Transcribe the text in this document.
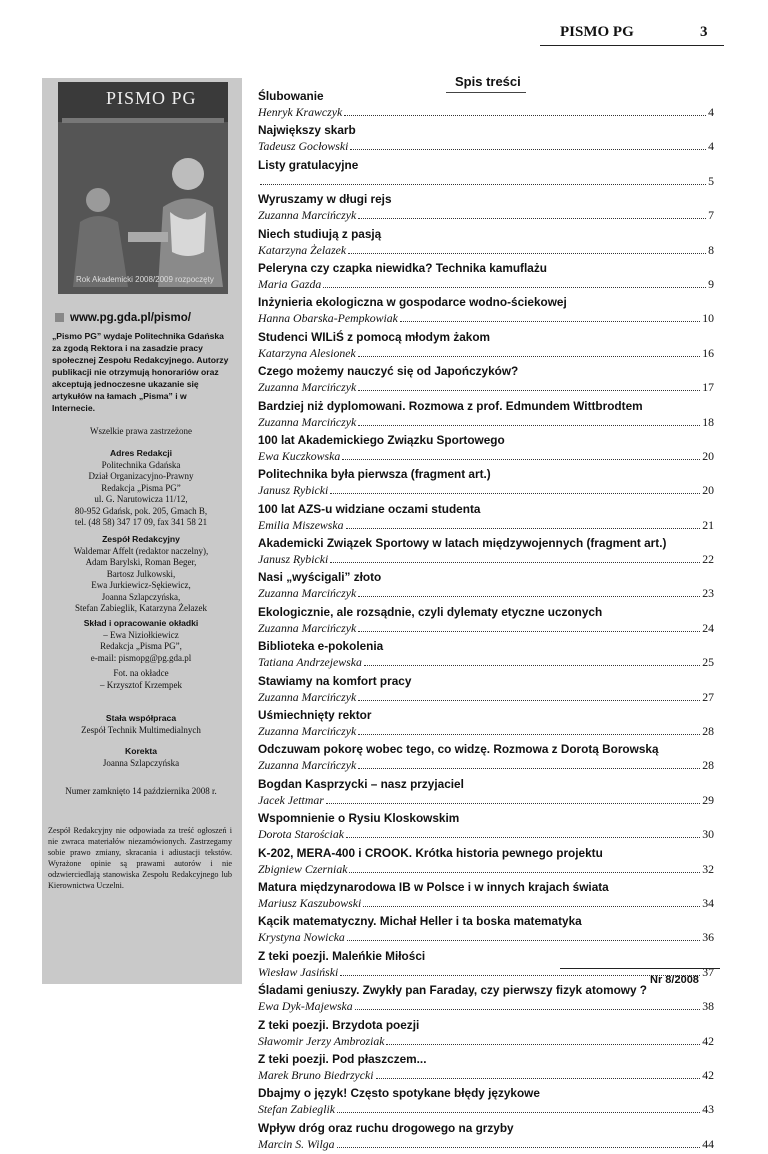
PISMO PG	3
PISMO PG
Rok Akademicki 2008/2009 rozpoczęty
www.pg.gda.pl/pismo/
„Pismo PG” wydaje Politechnika Gdańska za zgodą Rektora i na zasadzie pracy społecznej Zespołu Redakcyjnego. Autorzy publikacji nie otrzymują honorariów oraz akceptują jednoczesne ukazanie się artykułów na łamach „Pisma” i w Internecie.
Wszelkie prawa zastrzeżone
Adres Redakcji
Politechnika Gdańska
Dział Organizacyjno-Prawny
Redakcja „Pisma PG”
ul. G. Narutowicza 11/12,
80-952 Gdańsk, pok. 205, Gmach B,
tel. (48 58) 347 17 09, fax 341 58 21
Zespół Redakcyjny
Waldemar Affelt (redaktor naczelny),
Adam Barylski, Roman Beger,
Bartosz Julkowski,
Ewa Jurkiewicz-Sękiewicz,
Joanna Szlapczyńska,
Stefan Zabieglik, Katarzyna Żelazek
Skład i opracowanie okładki
– Ewa Niziołkiewicz
Redakcja „Pisma PG”,
e-mail: pismopg@pg.gda.pl
Fot. na okładce
– Krzysztof Krzempek
Stała współpraca
Zespół Technik Multimedialnych
Korekta
Joanna Szlapczyńska
Numer zamknięto 14 października 2008 r.
Zespół Redakcyjny nie odpowiada za treść ogłoszeń i nie zwraca materiałów niezamówionych. Zastrzegamy sobie prawo zmiany, skracania i adiustacji tekstów. Wyrażone opinie są prawami autorów i nie odzwierciedlają stanowiska Zespołu Redakcyjnego lub Kierownictwa Uczelni.
Spis treści
Ślubowanie
Henryk Krawczyk	4
Największy skarb
Tadeusz Gocłowski	4
Listy gratulacyjne
5
Wyruszamy w długi rejs
Zuzanna Marcińczyk	7
Niech studiują z pasją
Katarzyna Żelazek	8
Peleryna czy czapka niewidka? Technika kamuflażu
Maria Gazda	9
Inżynieria ekologiczna w gospodarce wodno-ściekowej
Hanna Obarska-Pempkowiak	10
Studenci WILiŚ z pomocą młodym żakom
Katarzyna Alesionek	16
Czego możemy nauczyć się od Japończyków?
Zuzanna Marcińczyk	17
Bardziej niż dyplomowani. Rozmowa z prof. Edmundem Wittbrodtem
Zuzanna Marcińczyk	18
100 lat Akademickiego Związku Sportowego
Ewa Kuczkowska	20
Politechnika była pierwsza (fragment art.)
Janusz Rybicki	20
100 lat AZS-u widziane oczami studenta
Emilia Miszewska	21
Akademicki Związek Sportowy w latach międzywojennych (fragment art.)
Janusz Rybicki	22
Nasi „wyścigali” złoto
Zuzanna Marcińczyk	23
Ekologicznie, ale rozsądnie, czyli dylematy etyczne uczonych
Zuzanna Marcińczyk	24
Biblioteka e-pokolenia
Tatiana Andrzejewska	25
Stawiamy na komfort pracy
Zuzanna Marcińczyk	27
Uśmiechnięty rektor
Zuzanna Marcińczyk	28
Odczuwam pokorę wobec tego, co widzę. Rozmowa z Dorotą Borowską
Zuzanna Marcińczyk	28
Bogdan Kasprzycki – nasz przyjaciel
Jacek Jettmar	29
Wspomnienie o Rysiu Kloskowskim
Dorota Starościak	30
K-202, MERA-400 i CROOK. Krótka historia pewnego projektu
Zbigniew Czerniak	32
Matura międzynarodowa IB w Polsce i w innych krajach świata
Mariusz Kaszubowski	34
Kącik matematyczny. Michał Heller i ta boska matematyka
Krystyna Nowicka	36
Z teki poezji. Maleńkie Miłości
Wiesław Jasiński	37
Śladami geniuszy. Zwykły pan Faraday, czy pierwszy fizyk atomowy ?
Ewa Dyk-Majewska	38
Z teki poezji. Brzydota poezji
Sławomir Jerzy Ambroziak	42
Z teki poezji. Pod płaszczem...
Marek Bruno Biedrzycki	42
Dbajmy o język! Często spotykane błędy językowe
Stefan Zabieglik	43
Wpływ dróg oraz ruchu drogowego na grzyby
Marcin S. Wilga	44
Nr 8/2008
